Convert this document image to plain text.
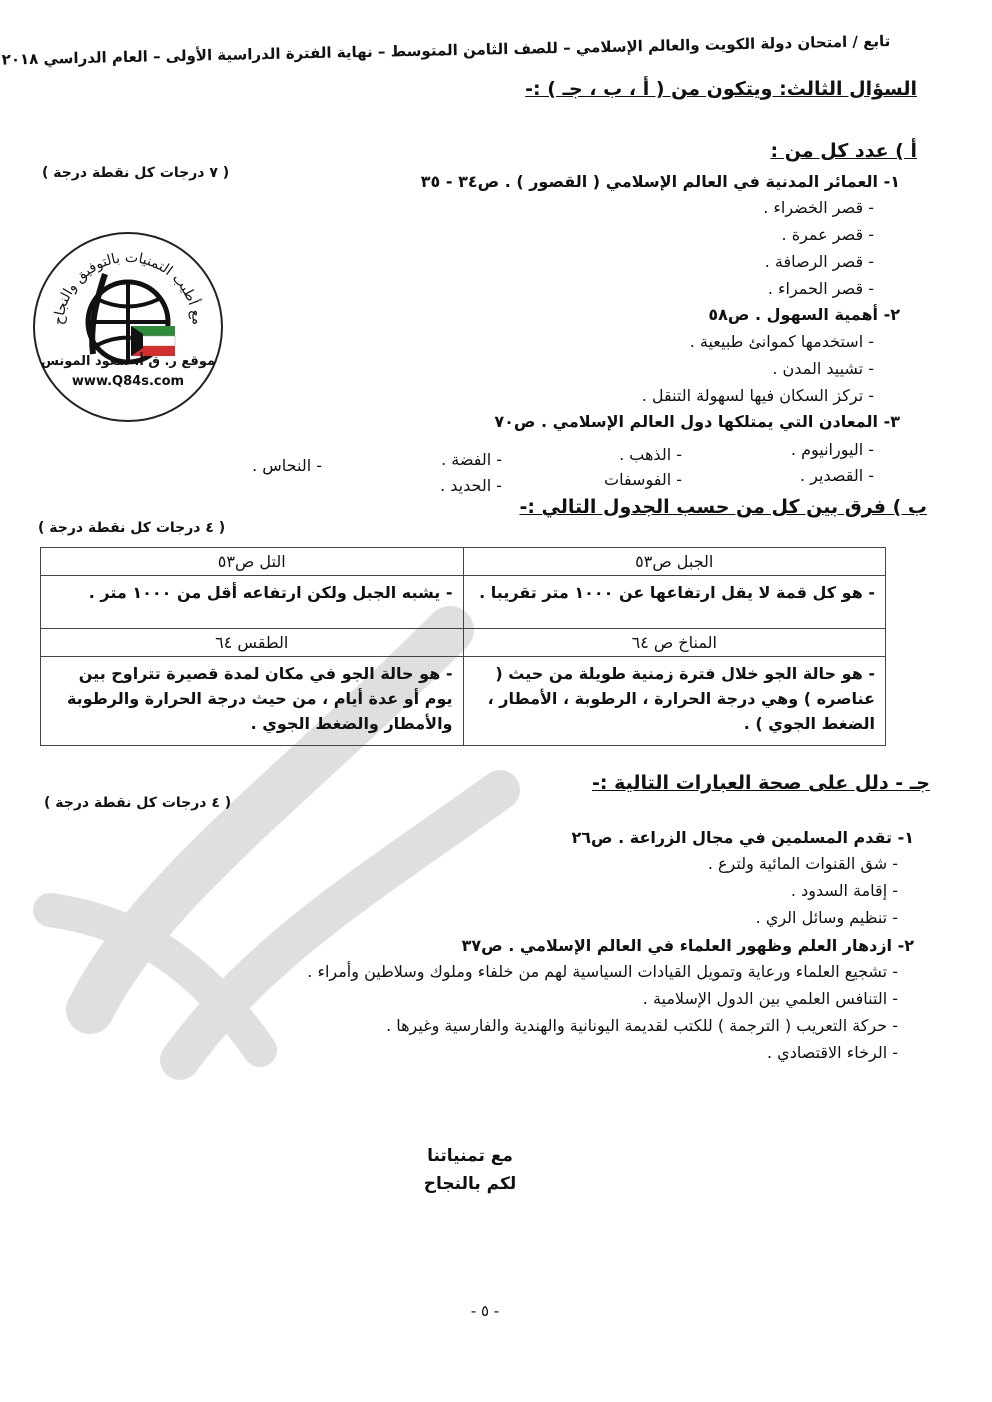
تابع / امتحان دولة الكويت والعالم الإسلامي – للصف الثامن المتوسط – نهاية الفترة الدراسية الأولى – العام الدراسي ٢٠١٨
السؤال الثالث: ويتكون من ( أ ، ب ، جـ ) :-
أ ) عدد كل من :
( ٧ درجات كل نقطة درجة )	١- العمائر المدنية في العالم الإسلامي ( القصور ) . ص٣٤ - ٣٥
- قصر الخضراء .
- قصر عمرة .
- قصر الرصافة .
- قصر الحمراء .
٢- أهمية السهول . ص٥٨
- استخدمها كموانئ طبيعية .
- تشييد المدن .
- تركز السكان فيها لسهولة التنقل .
٣- المعادن التي يمتلكها دول العالم الإسلامي . ص٧٠
- اليورانيوم .
- الذهب .
- الفضة .
- النحاس .
- القصدير .
- الفوسفات
- الحديد .
مع أطيب التمنيات بالتوفيق والنجاح
موقع ر. ق أ. سعود المونس
www.Q84s.com
ب ) فرق بين كل من حسب الجدول التالي :-
( ٤ درجات كل نقطة درجة )
الجبل ص٥٣	التل ص٥٣
- هو كل قمة لا يقل ارتفاعها عن ١٠٠٠ متر تقريبا .	- يشبه الجبل ولكن ارتفاعه أقل من ١٠٠٠ متر .
المناخ ص ٦٤	الطقس ٦٤
- هو حالة الجو خلال فترة زمنية طويلة من حيث ( عناصره ) وهي درجة الحرارة ، الرطوبة ، الأمطار ، الضغط الجوي ) .	- هو حالة الجو في مكان لمدة قصيرة تتراوح بين يوم أو عدة أيام ، من حيث درجة الحرارة والرطوبة والأمطار والضغط الجوي .
جـ - دلل على صحة العبارات التالية :-
( ٤ درجات كل نقطة درجة )
١- تقدم المسلمين في مجال الزراعة . ص٢٦
- شق القنوات المائية ولترع .
- إقامة السدود .
- تنظيم وسائل الري .
٢- ازدهار العلم وظهور العلماء في العالم الإسلامي . ص٣٧
- تشجيع العلماء ورعاية وتمويل القيادات السياسية لهم من خلفاء وملوك وسلاطين وأمراء .
- التنافس العلمي بين الدول الإسلامية .
- حركة التعريب ( الترجمة ) للكتب لقديمة اليونانية والهندية والفارسية وغيرها .
- الرخاء الاقتصادي .
مع تمنياتنا
لكم بالنجاح
- ٥ -
